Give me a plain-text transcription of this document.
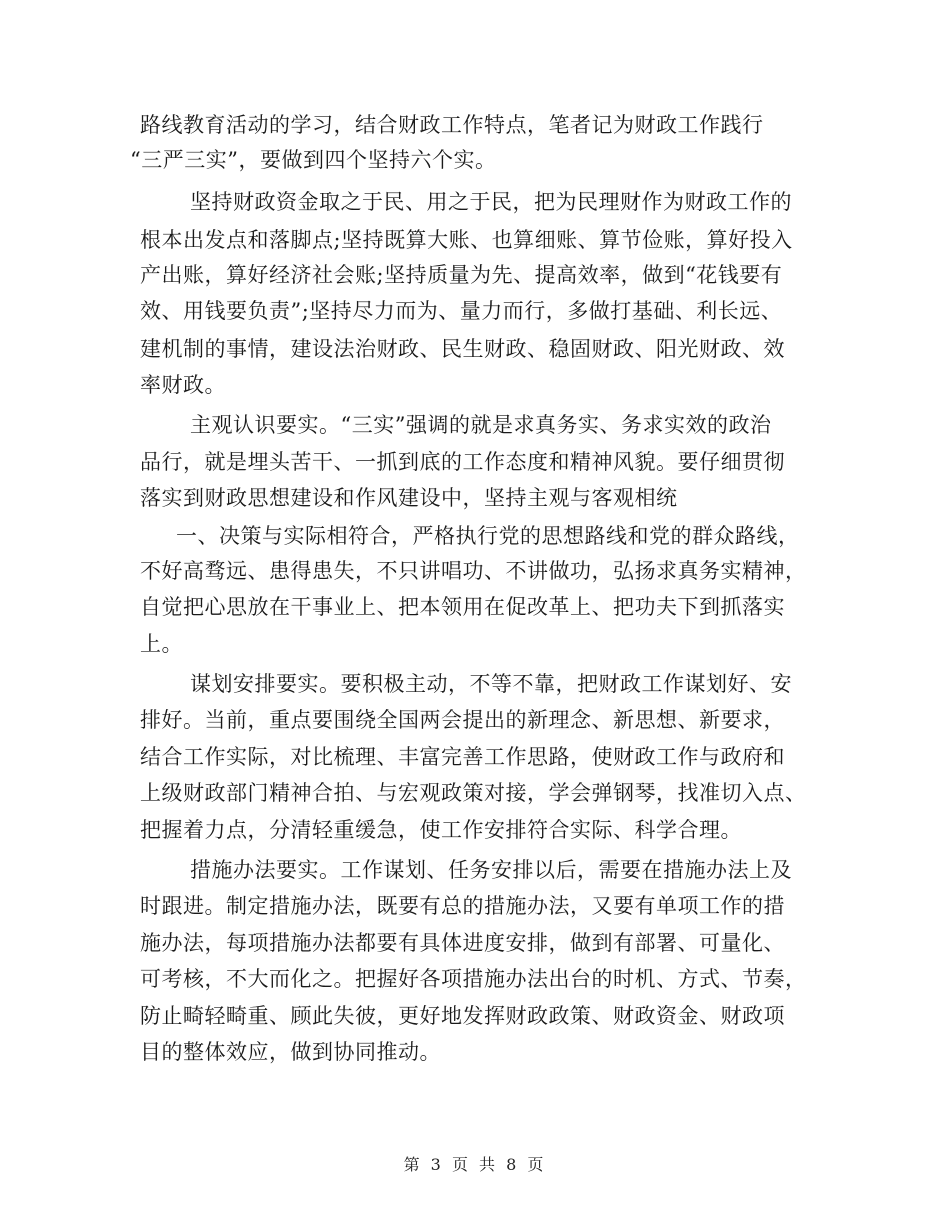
路线教育活动的学习，结合财政工作特点，笔者记为财政工作践行
“三严三实”，要做到四个坚持六个实。
坚持财政资金取之于民、用之于民，把为民理财作为财政工作的
根本出发点和落脚点;坚持既算大账、也算细账、算节俭账，算好投入
产出账，算好经济社会账;坚持质量为先、提高效率，做到“花钱要有
效、用钱要负责”;坚持尽力而为、量力而行，多做打基础、利长远、
建机制的事情，建设法治财政、民生财政、稳固财政、阳光财政、效
率财政。
主观认识要实。“三实”强调的就是求真务实、务求实效的政治
品行，就是埋头苦干、一抓到底的工作态度和精神风貌。要仔细贯彻
落实到财政思想建设和作风建设中，坚持主观与客观相统
一、决策与实际相符合，严格执行党的思想路线和党的群众路线，
不好高骛远、患得患失，不只讲唱功、不讲做功，弘扬求真务实精神，
自觉把心思放在干事业上、把本领用在促改革上、把功夫下到抓落实
上。
谋划安排要实。要积极主动，不等不靠，把财政工作谋划好、安
排好。当前，重点要围绕全国两会提出的新理念、新思想、新要求，
结合工作实际，对比梳理、丰富完善工作思路，使财政工作与政府和
上级财政部门精神合拍、与宏观政策对接，学会弹钢琴，找准切入点、
把握着力点，分清轻重缓急，使工作安排符合实际、科学合理。
措施办法要实。工作谋划、任务安排以后，需要在措施办法上及
时跟进。制定措施办法，既要有总的措施办法，又要有单项工作的措
施办法，每项措施办法都要有具体进度安排，做到有部署、可量化、
可考核，不大而化之。把握好各项措施办法出台的时机、方式、节奏，
防止畸轻畸重、顾此失彼，更好地发挥财政政策、财政资金、财政项
目的整体效应，做到协同推动。
第 3 页 共 8 页
